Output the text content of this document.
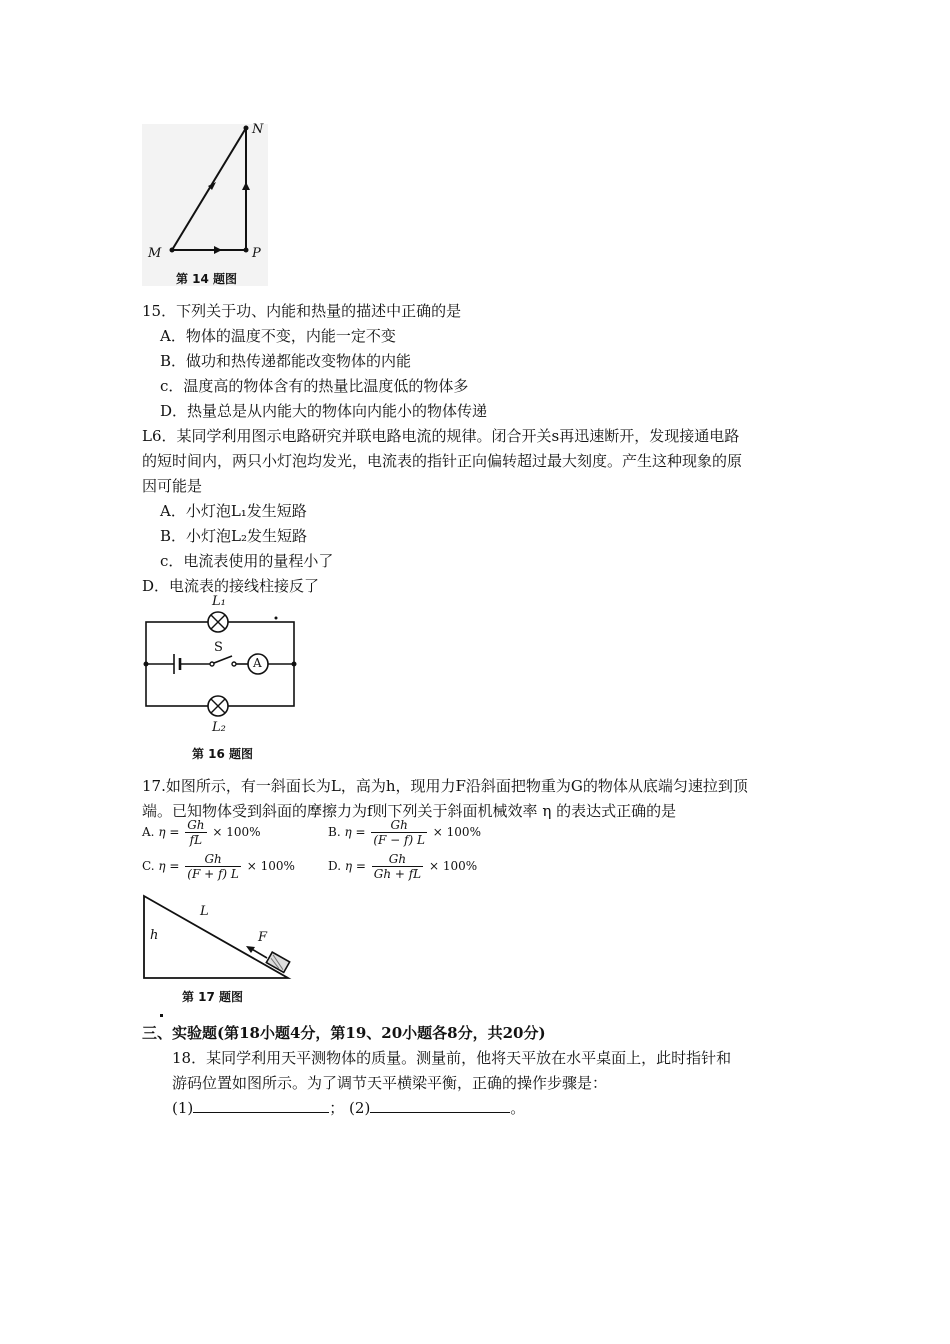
N
M	P
第 14 题图
15．下列关于功、内能和热量的描述中正确的是
A．物体的温度不变，内能一定不变
B．做功和热传递都能改变物体的内能
c．温度高的物体含有的热量比温度低的物体多
D．热量总是从内能大的物体向内能小的物体传递
L6．某同学利用图示电路研究并联电路电流的规律。闭合开关s再迅速断开，发现接通电路
的短时间内，两只小灯泡均发光，电流表的指针正向偏转超过最大刻度。产生这种现象的原
因可能是
A．小灯泡L₁发生短路
B．小灯泡L₂发生短路
c．电流表使用的量程小了
D．电流表的接线柱接反了
L₁
S
A
L₂
第 16 题图
17.如图所示，有一斜面长为L，高为h，现用力F沿斜面把物重为G的物体从底端匀速拉到顶
端。已知物体受到斜面的摩擦力为f则下列关于斜面机械效率 η 的表达式正确的是
A. $\eta = \frac{Gh}{fL} \times 100\%$	B. $\eta = \frac{Gh}{(F - f) L} \times 100\%$
C. $\eta = \frac{Gh}{(F + f) L} \times 100\%$	D. $\eta = \frac{Gh}{Gh + fL} \times 100\%$
h
L
F
第 17 题图
三、实验题(第18小题4分，第19、20小题各8分，共20分)
18．某同学利用天平测物体的质量。测量前，他将天平放在水平桌面上，此时指针和
游码位置如图所示。为了调节天平横梁平衡，正确的操作步骤是：
(1)	； (2)	。
